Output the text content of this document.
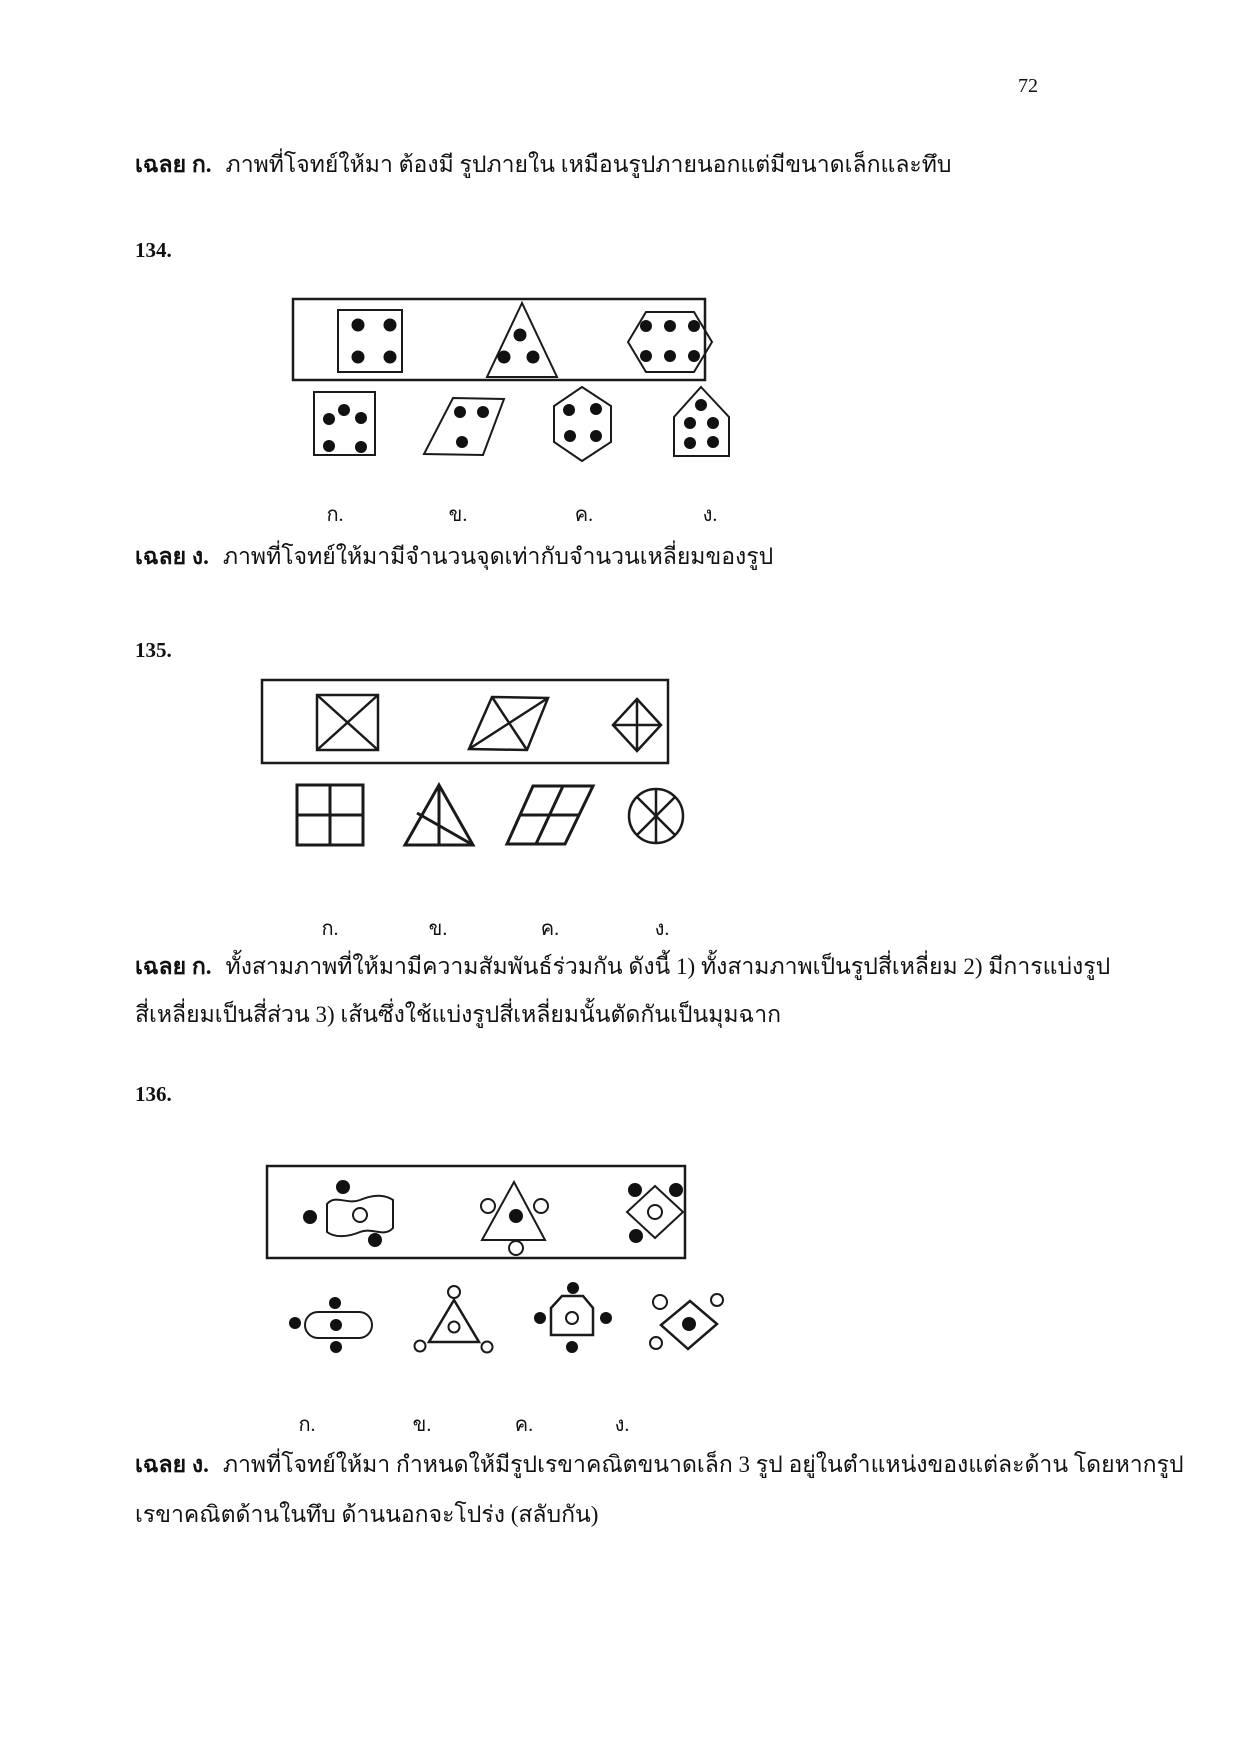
72
เฉลย ก. ภาพที่โจทย์ให้มา ต้องมี รูปภายใน เหมือนรูปภายนอกแต่มีขนาดเล็กและทึบ
134.
ก.	ข.	ค.	ง.
เฉลย ง. ภาพที่โจทย์ให้มามีจำนวนจุดเท่ากับจำนวนเหลี่ยมของรูป
135.
ก.	ข.	ค.	ง.
เฉลย ก. ทั้งสามภาพที่ให้มามีความสัมพันธ์ร่วมกัน ดังนี้ 1) ทั้งสามภาพเป็นรูปสี่เหลี่ยม 2) มีการแบ่งรูป
สี่เหลี่ยมเป็นสี่ส่วน 3) เส้นซึ่งใช้แบ่งรูปสี่เหลี่ยมนั้นตัดกันเป็นมุมฉาก
136.
ก.	ข.	ค.	ง.
เฉลย ง. ภาพที่โจทย์ให้มา กำหนดให้มีรูปเรขาคณิตขนาดเล็ก 3 รูป อยู่ในตำแหน่งของแต่ละด้าน โดยหากรูป
เรขาคณิตด้านในทึบ ด้านนอกจะโปร่ง (สลับกัน)
